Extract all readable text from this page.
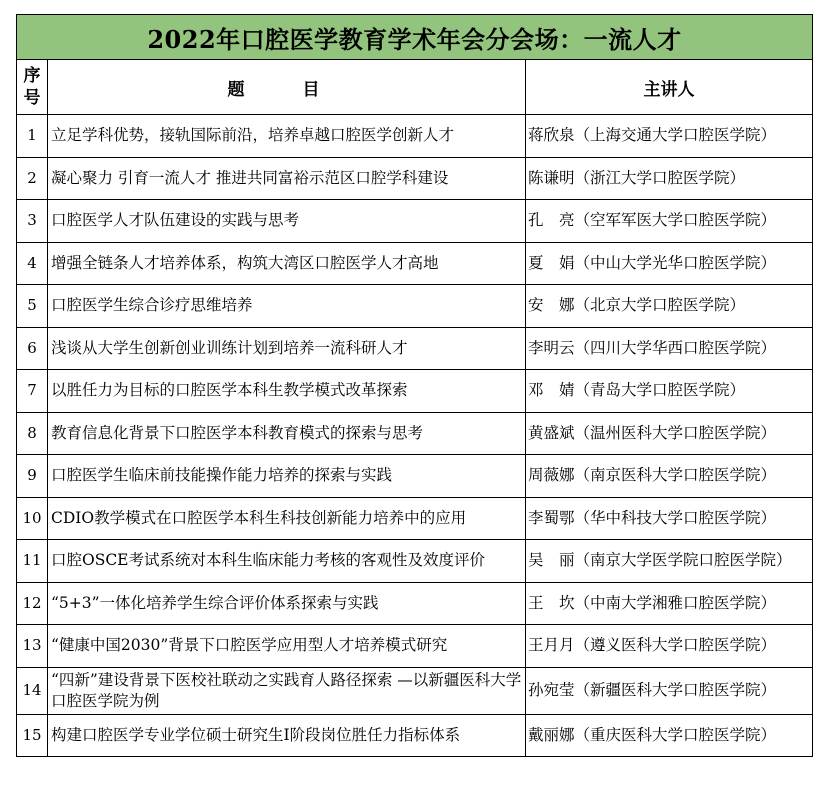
2022年口腔医学教育学术年会分会场：一流人才		
序
号	题 目	主讲人
1	立足学科优势，接轨国际前沿，培养卓越口腔医学创新人才	蒋欣泉（上海交通大学口腔医学院）
2	凝心聚力 引育一流人才 推进共同富裕示范区口腔学科建设	陈谦明（浙江大学口腔医学院）
3	口腔医学人才队伍建设的实践与思考	孔　亮（空军军医大学口腔医学院）
4	增强全链条人才培养体系，构筑大湾区口腔医学人才高地	夏　娟（中山大学光华口腔医学院）
5	口腔医学生综合诊疗思维培养	安　娜（北京大学口腔医学院）
6	浅谈从大学生创新创业训练计划到培养一流科研人才	李明云（四川大学华西口腔医学院）
7	以胜任力为目标的口腔医学本科生教学模式改革探索	邓　婧（青岛大学口腔医学院）
8	教育信息化背景下口腔医学本科教育模式的探索与思考	黄盛斌（温州医科大学口腔医学院）
9	口腔医学生临床前技能操作能力培养的探索与实践	周薇娜（南京医科大学口腔医学院）
10	CDIO教学模式在口腔医学本科生科技创新能力培养中的应用	李蜀鄂（华中科技大学口腔医学院）
11	口腔OSCE考试系统对本科生临床能力考核的客观性及效度评价	吴　丽（南京大学医学院口腔医学院）
12	“5+3”一体化培养学生综合评价体系探索与实践	王　坎（中南大学湘雅口腔医学院）
13	“健康中国2030”背景下口腔医学应用型人才培养模式研究	王月月（遵义医科大学口腔医学院）
14	“四新”建设背景下医校社联动之实践育人路径探索 —以新疆医科大学口腔医学院为例	孙宛莹（新疆医科大学口腔医学院）
15	构建口腔医学专业学位硕士研究生Ⅰ阶段岗位胜任力指标体系	戴丽娜（重庆医科大学口腔医学院）
